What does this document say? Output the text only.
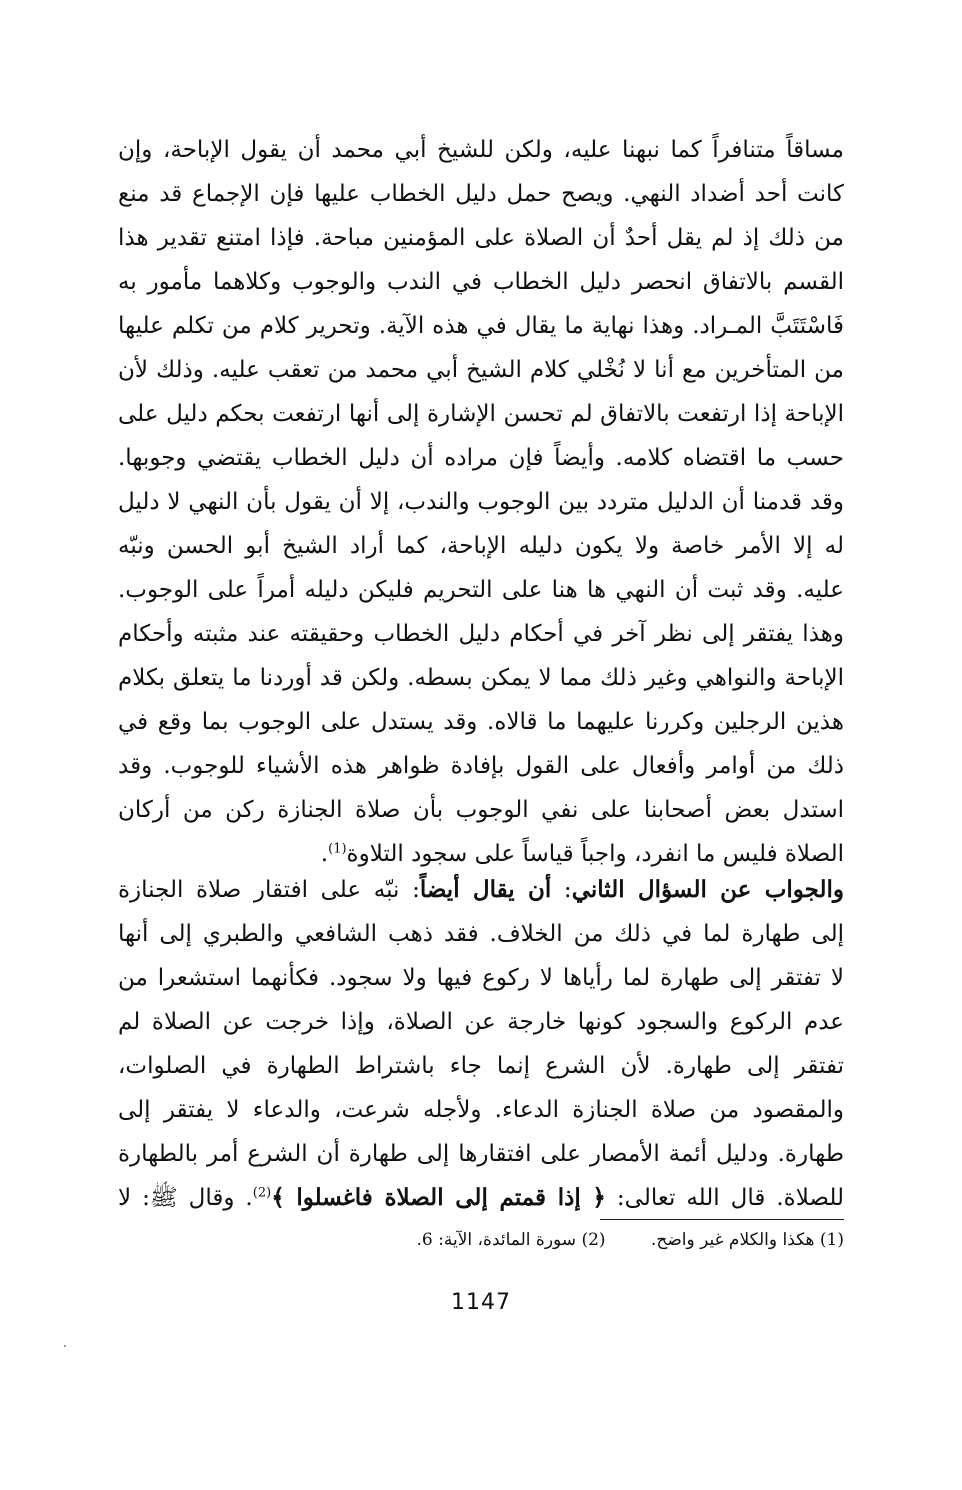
مساقاً متنافراً كما نبهنا عليه، ولكن للشيخ أبي محمد أن يقول الإباحة، وإن
كانت أحد أضداد النهي. ويصح حمل دليل الخطاب عليها فإن الإجماع قد منع
من ذلك إذ لم يقل أحدٌ أن الصلاة على المؤمنين مباحة. فإذا امتنع تقدير هذا
القسم بالاتفاق انحصر دليل الخطاب في الندب والوجوب وكلاهما مأمور به
فَاسْتَتَبَّ المـراد. وهذا نهاية ما يقال في هذه الآية. وتحرير كلام من تكلم عليها
من المتأخرين مع أنا لا نُخْلي كلام الشيخ أبي محمد من تعقب عليه. وذلك لأن
الإباحة إذا ارتفعت بالاتفاق لم تحسن الإشارة إلى أنها ارتفعت بحكم دليل على
حسب ما اقتضاه كلامه. وأيضاً فإن مراده أن دليل الخطاب يقتضي وجوبها.
وقد قدمنا أن الدليل متردد بين الوجوب والندب، إلا أن يقول بأن النهي لا دليل
له إلا الأمر خاصة ولا يكون دليله الإباحة، كما أراد الشيخ أبو الحسن ونبّه
عليه. وقد ثبت أن النهي ها هنا على التحريم فليكن دليله أمراً على الوجوب.
وهذا يفتقر إلى نظر آخر في أحكام دليل الخطاب وحقيقته عند مثبته وأحكام
الإباحة والنواهي وغير ذلك مما لا يمكن بسطه. ولكن قد أوردنا ما يتعلق بكلام
هذين الرجلين وكررنا عليهما ما قالاه. وقد يستدل على الوجوب بما وقع في
ذلك من أوامر وأفعال على القول بإفادة ظواهر هذه الأشياء للوجوب. وقد
استدل بعض أصحابنا على نفي الوجوب بأن صلاة الجنازة ركن من أركان
الصلاة فليس ما انفرد، واجباً قياساً على سجود التلاوة$^{(1)}$.
والجواب عن السؤال الثاني: أن يقال أيضاً: نبّه على افتقار صلاة الجنازة
إلى طهارة لما في ذلك من الخلاف. فقد ذهب الشافعي والطبري إلى أنها
لا تفتقر إلى طهارة لما رأياها لا ركوع فيها ولا سجود. فكأنهما استشعرا من
عدم الركوع والسجود كونها خارجة عن الصلاة، وإذا خرجت عن الصلاة لم
تفتقر إلى طهارة. لأن الشرع إنما جاء باشتراط الطهارة في الصلوات،
والمقصود من صلاة الجنازة الدعاء. ولأجله شرعت، والدعاء لا يفتقر إلى
طهارة. ودليل أئمة الأمصار على افتقارها إلى طهارة أن الشرع أمر بالطهارة
للصلاة. قال الله تعالى: ﴿ إذا قمتم إلى الصلاة فاغسلوا ﴾$^{(2)}$. وقال ﷺ: لا
(1) هكذا والكلام غير واضح. (2) سورة المائدة، الآية: 6.
1147
